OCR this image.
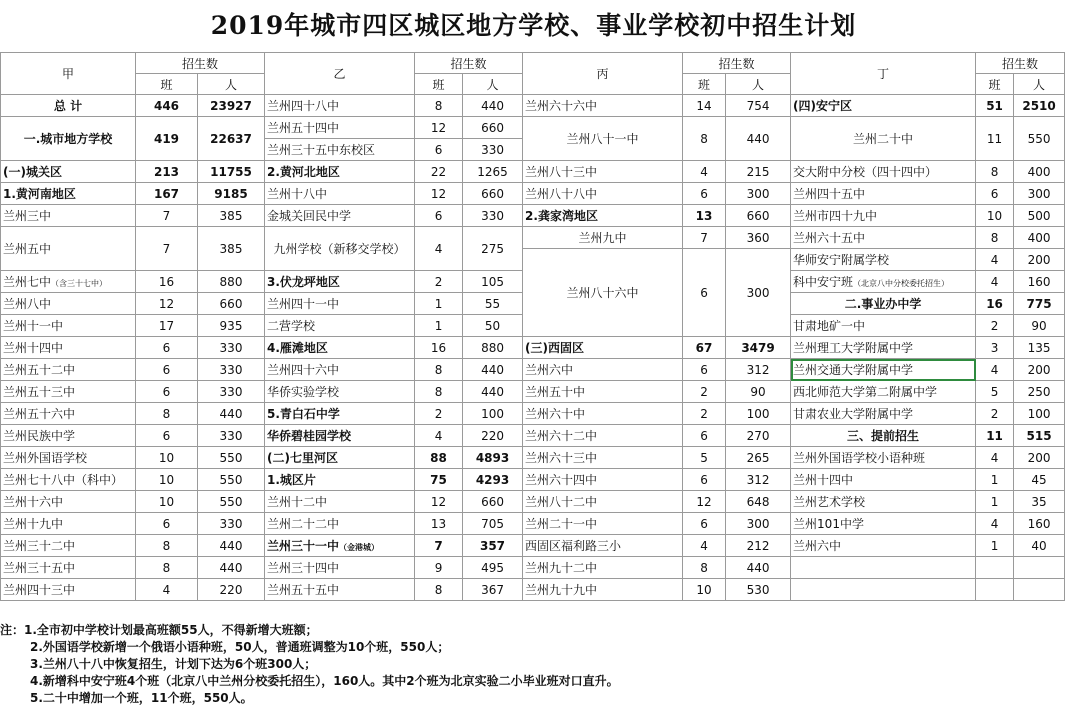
2019年城市四区城区地方学校、事业学校初中招生计划
甲	招生数		乙	招生数		丙	招生数		丁	招生数	
	班	人		班	人		班	人		班	人
总 计	446	23927	兰州四十八中	8	440	兰州六十六中	14	754	(四)安宁区	51	2510
一.城市地方学校	419	22637	兰州五十四中	12	660	兰州八十一中	8	440	兰州二十中	11	550
			兰州三十五中东校区	6	330						
(一)城关区	213	11755	2.黄河北地区	22	1265	兰州八十三中	4	215	交大附中分校（四十四中）	8	400
1.黄河南地区	167	9185	兰州十八中	12	660	兰州八十八中	6	300	兰州四十五中	6	300
兰州三中	7	385	金城关回民中学	6	330	2.龚家湾地区	13	660	兰州市四十九中	10	500
兰州五中	7	385	九州学校（新移交学校）	4	275	兰州九中	7	360	兰州六十五中	8	400
						兰州八十六中	6	300	华师安宁附属学校	4	200
兰州七中（含三十七中）	16	880	3.伏龙坪地区	2	105				科中安宁班（北京八中分校委托招生）	4	160
兰州八中	12	660	兰州四十一中	1	55				二.事业办中学	16	775
兰州十一中	17	935	二营学校	1	50				甘肃地矿一中	2	90
兰州十四中	6	330	4.雁滩地区	16	880	(三)西固区	67	3479	兰州理工大学附属中学	3	135
兰州五十二中	6	330	兰州四十六中	8	440	兰州六中	6	312	兰州交通大学附属中学	4	200
兰州五十三中	6	330	华侨实验学校	8	440	兰州五十中	2	90	西北师范大学第二附属中学	5	250
兰州五十六中	8	440	5.青白石中学	2	100	兰州六十中	2	100	甘肃农业大学附属中学	2	100
兰州民族中学	6	330	华侨碧桂园学校	4	220	兰州六十二中	6	270	三、提前招生	11	515
兰州外国语学校	10	550	(二)七里河区	88	4893	兰州六十三中	5	265	兰州外国语学校小语种班	4	200
兰州七十八中（科中）	10	550	1.城区片	75	4293	兰州六十四中	6	312	兰州十四中	1	45
兰州十六中	10	550	兰州十二中	12	660	兰州八十二中	12	648	兰州艺术学校	1	35
兰州十九中	6	330	兰州二十二中	13	705	兰州二十一中	6	300	兰州101中学	4	160
兰州三十二中	8	440	兰州三十一中（金港城）	7	357	西固区福利路三小	4	212	兰州六中	1	40
兰州三十五中	8	440	兰州三十四中	9	495	兰州九十二中	8	440			
兰州四十三中	4	220	兰州五十五中	8	367	兰州九十九中	10	530			
注：1.全市初中学校计划最高班额55人，不得新增大班额；
2.外国语学校新增一个俄语小语种班，50人，普通班调整为10个班，550人；
3.兰州八十八中恢复招生，计划下达为6个班300人；
4.新增科中安宁班4个班（北京八中兰州分校委托招生），160人。其中2个班为北京实验二小毕业班对口直升。
5.二十中增加一个班，11个班，550人。
